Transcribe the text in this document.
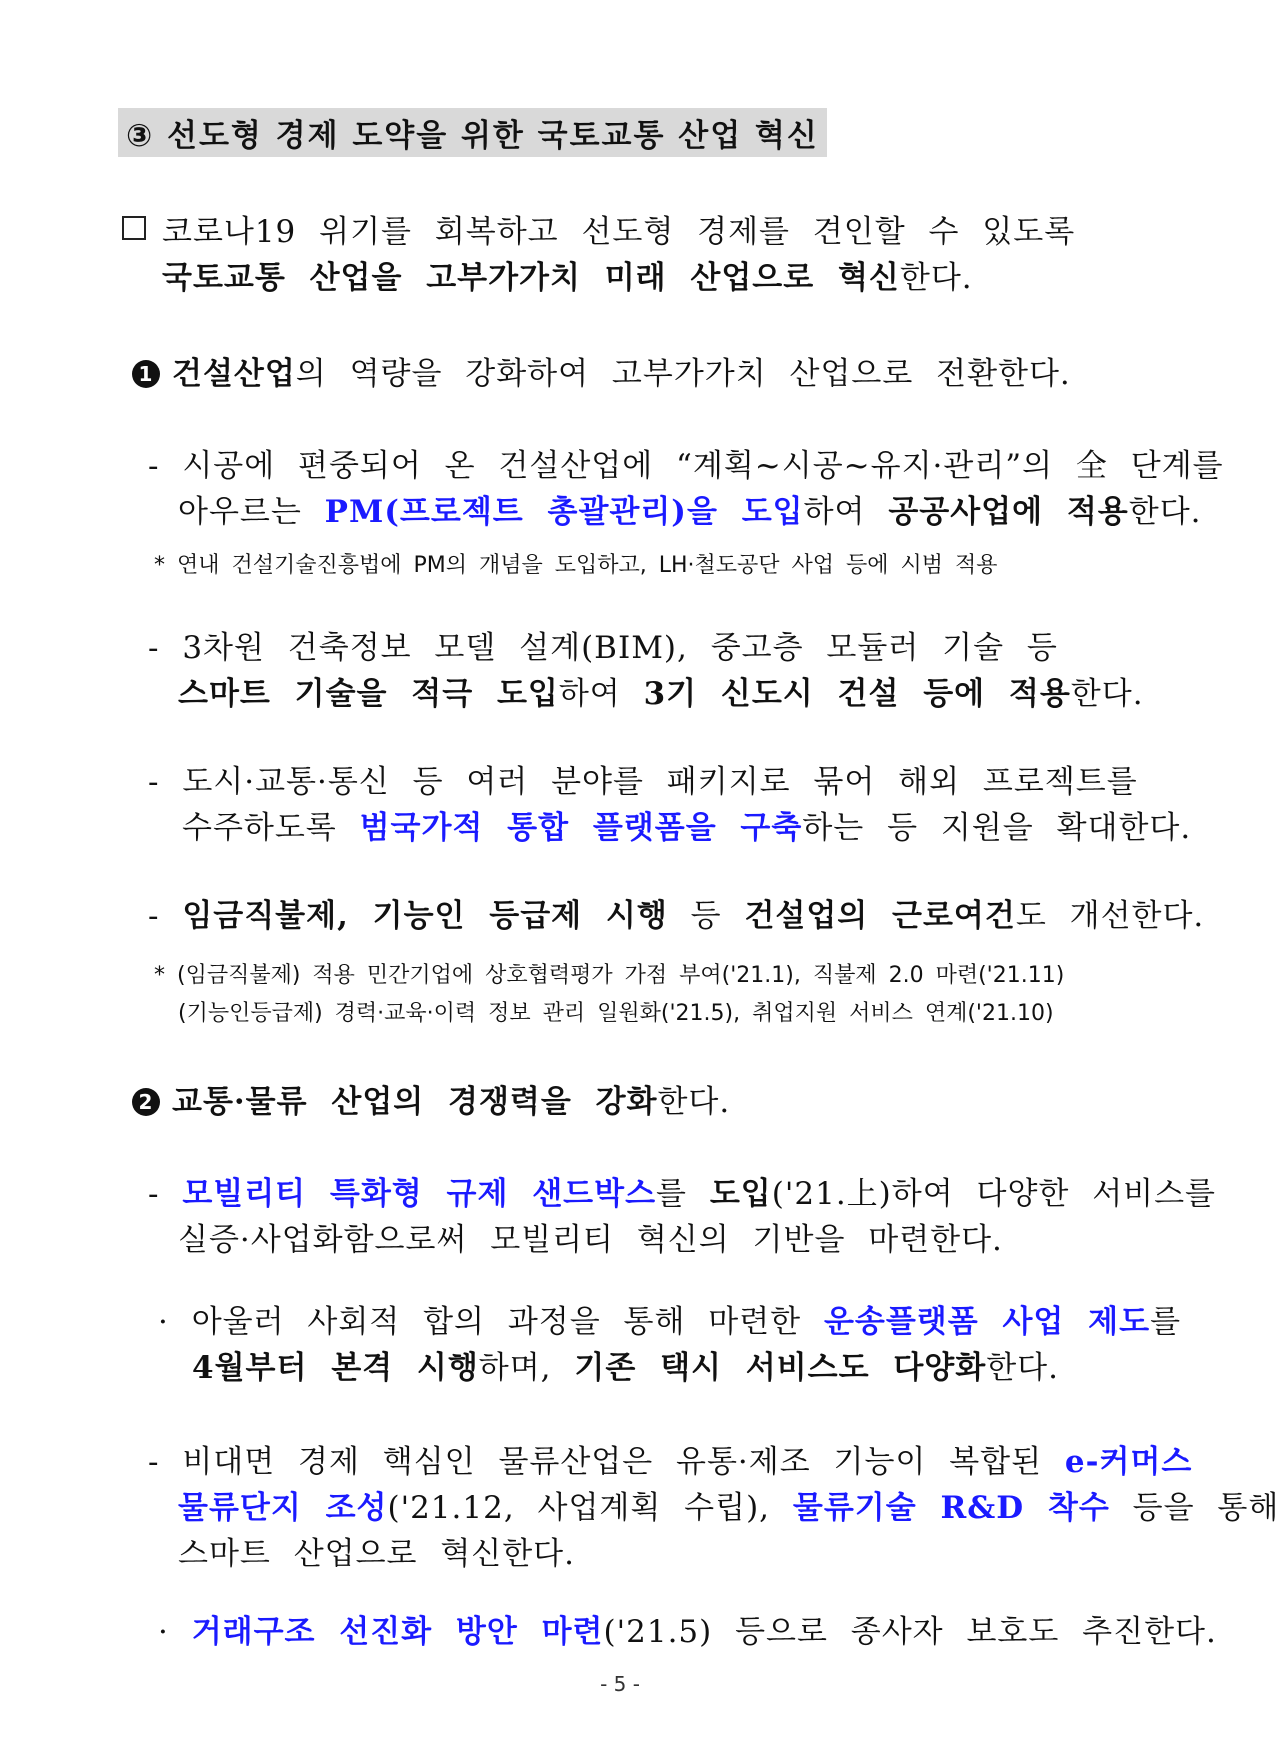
③ 선도형 경제 도약을 위한 국토교통 산업 혁신
코로나19 위기를 회복하고 선도형 경제를 견인할 수 있도록
국토교통 산업을 고부가가치 미래 산업으로 혁신한다.
1 건설산업의 역량을 강화하여 고부가가치 산업으로 전환한다.
- 시공에 편중되어 온 건설산업에 “계획~시공~유지·관리”의 全 단계를
아우르는 PM(프로젝트 총괄관리)을 도입하여 공공사업에 적용한다.
* 연내 건설기술진흥법에 PM의 개념을 도입하고, LH·철도공단 사업 등에 시범 적용
- 3차원 건축정보 모델 설계(BIM), 중고층 모듈러 기술 등
스마트 기술을 적극 도입하여 3기 신도시 건설 등에 적용한다.
- 도시·교통·통신 등 여러 분야를 패키지로 묶어 해외 프로젝트를
수주하도록 범국가적 통합 플랫폼을 구축하는 등 지원을 확대한다.
- 임금직불제, 기능인 등급제 시행 등 건설업의 근로여건도 개선한다.
* (임금직불제) 적용 민간기업에 상호협력평가 가점 부여('21.1), 직불제 2.0 마련('21.11)
(기능인등급제) 경력·교육·이력 정보 관리 일원화('21.5), 취업지원 서비스 연계('21.10)
2 교통·물류 산업의 경쟁력을 강화한다.
- 모빌리티 특화형 규제 샌드박스를 도입('21.上)하여 다양한 서비스를
실증·사업화함으로써 모빌리티 혁신의 기반을 마련한다.
· 아울러 사회적 합의 과정을 통해 마련한 운송플랫폼 사업 제도를
4월부터 본격 시행하며, 기존 택시 서비스도 다양화한다.
- 비대면 경제 핵심인 물류산업은 유통·제조 기능이 복합된 e-커머스
물류단지 조성('21.12, 사업계획 수립), 물류기술 R&D 착수 등을 통해
스마트 산업으로 혁신한다.
· 거래구조 선진화 방안 마련('21.5) 등으로 종사자 보호도 추진한다.
- 5 -
